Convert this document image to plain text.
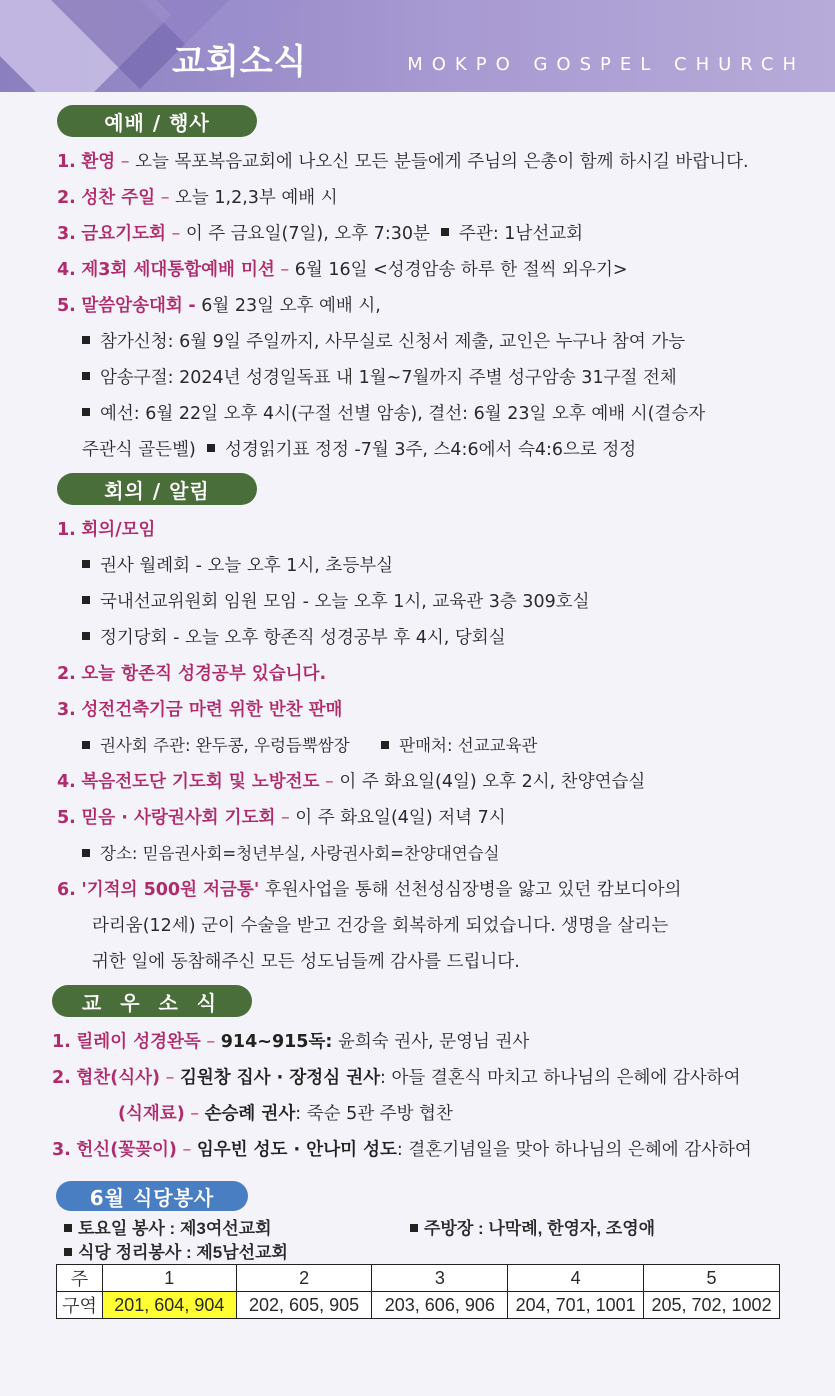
교회소식	MOKPO GOSPEL CHURCH
예배 / 행사
1. 환영 – 오늘 목포복음교회에 나오신 모든 분들에게 주님의 은총이 함께 하시길 바랍니다.
2. 성찬 주일 – 오늘 1,2,3부 예배 시
3. 금요기도회 – 이 주 금요일(7일), 오후 7:30분 주관: 1남선교회
4. 제3회 세대통합예배 미션 – 6월 16일 <성경암송 하루 한 절씩 외우기>
5. 말씀암송대회 - 6월 23일 오후 예배 시,
참가신청: 6월 9일 주일까지, 사무실로 신청서 제출, 교인은 누구나 참여 가능
암송구절: 2024년 성경일독표 내 1월~7월까지 주별 성구암송 31구절 전체
예선: 6월 22일 오후 4시(구절 선별 암송), 결선: 6월 23일 오후 예배 시(결승자
주관식 골든벨) 성경읽기표 정정 -7월 3주, 스4:6에서 슥4:6으로 정정
회의 / 알림
1. 회의/모임
권사 월례회 - 오늘 오후 1시, 초등부실
국내선교위원회 임원 모임 - 오늘 오후 1시, 교육관 3층 309호실
정기당회 - 오늘 오후 항존직 성경공부 후 4시, 당회실
2. 오늘 항존직 성경공부 있습니다.
3. 성전건축기금 마련 위한 반찬 판매
권사회 주관: 완두콩, 우렁듬뿍쌈장	판매처: 선교교육관
4. 복음전도단 기도회 및 노방전도 – 이 주 화요일(4일) 오후 2시, 찬양연습실
5. 믿음 · 사랑권사회 기도회 – 이 주 화요일(4일) 저녁 7시
장소: 믿음권사회=청년부실, 사랑권사회=찬양대연습실
6. '기적의 500원 저금통' 후원사업을 통해 선천성심장병을 앓고 있던 캄보디아의
라리움(12세) 군이 수술을 받고 건강을 회복하게 되었습니다. 생명을 살리는
귀한 일에 동참해주신 모든 성도님들께 감사를 드립니다.
교 우 소 식
1. 릴레이 성경완독 – 914~915독: 윤희숙 권사, 문영님 권사
2. 협찬(식사) – 김원창 집사 · 장정심 권사: 아들 결혼식 마치고 하나님의 은혜에 감사하여
(식재료) – 손승례 권사: 죽순 5관 주방 협찬
3. 헌신(꽃꽂이) – 임우빈 성도 · 안나미 성도: 결혼기념일을 맞아 하나님의 은혜에 감사하여
6월 식당봉사
토요일 봉사 : 제3여선교회	주방장 : 나막례, 한영자, 조영애
식당 정리봉사 : 제5남선교회
주	1	2	3	4	5
구역	201, 604, 904	202, 605, 905	203, 606, 906	204, 701, 1001	205, 702, 1002
